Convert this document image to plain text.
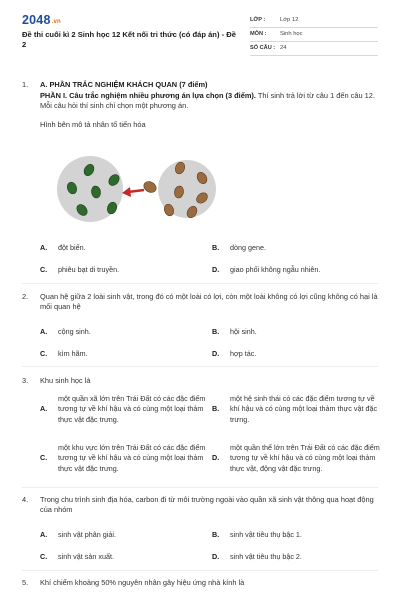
2048.vn
Đề thi cuối kì 2 Sinh học 12 Kết nối tri thức (có đáp án) - Đề 2
LỚP :	Lớp 12
MÔN :	Sinh học
SỐ CÂU : 24
1. A. PHẦN TRẮC NGHIỆM KHÁCH QUAN (7 điểm)
PHẦN I. Câu trắc nghiệm nhiều phương án lựa chọn (3 điểm). Thí sinh trả lời từ câu 1 đến câu 12. Mỗi câu hỏi thí sinh chỉ chọn một phương án.
Hình bên mô tả nhân tố tiến hóa
A.	đột biến.	B.	dòng gene.
C.	phiêu bạt di truyền.	D.	giao phối không ngẫu nhiên.
2. Quan hệ giữa 2 loài sinh vật, trong đó có một loài có lợi, còn một loài không có lợi cũng không có hại là mối quan hệ
A.	cộng sinh.	B.	hội sinh.
C.	kìm hãm.	D.	hợp tác.
3. Khu sinh học là
A.
một quần xã lớn trên Trái Đất có các đặc điểm tương tự về khí hậu và có cùng một loại thảm thực vật đặc trưng.
B.
một hệ sinh thái có các đặc điểm tương tự về khí hậu và có cùng một loại thảm thực vật đặc trưng.
C.
một khu vực lớn trên Trái Đất có các đặc điểm tương tự về khí hậu và có cùng một loại thảm thực vật đặc trưng.
D.
một quần thể lớn trên Trái Đất có các đặc điểm tương tự về khí hậu và có cùng một loại thảm thực vật, động vật đặc trưng.
4. Trong chu trình sinh địa hóa, carbon đi từ môi trường ngoài vào quần xã sinh vật thông qua hoạt động của nhóm
A.	sinh vật phân giải.	B.	sinh vật tiêu thụ bậc 1.
C.	sinh vật sản xuất.	D.	sinh vật tiêu thụ bậc 2.
5. Khí chiếm khoảng 50% nguyên nhân gây hiệu ứng nhà kính là
